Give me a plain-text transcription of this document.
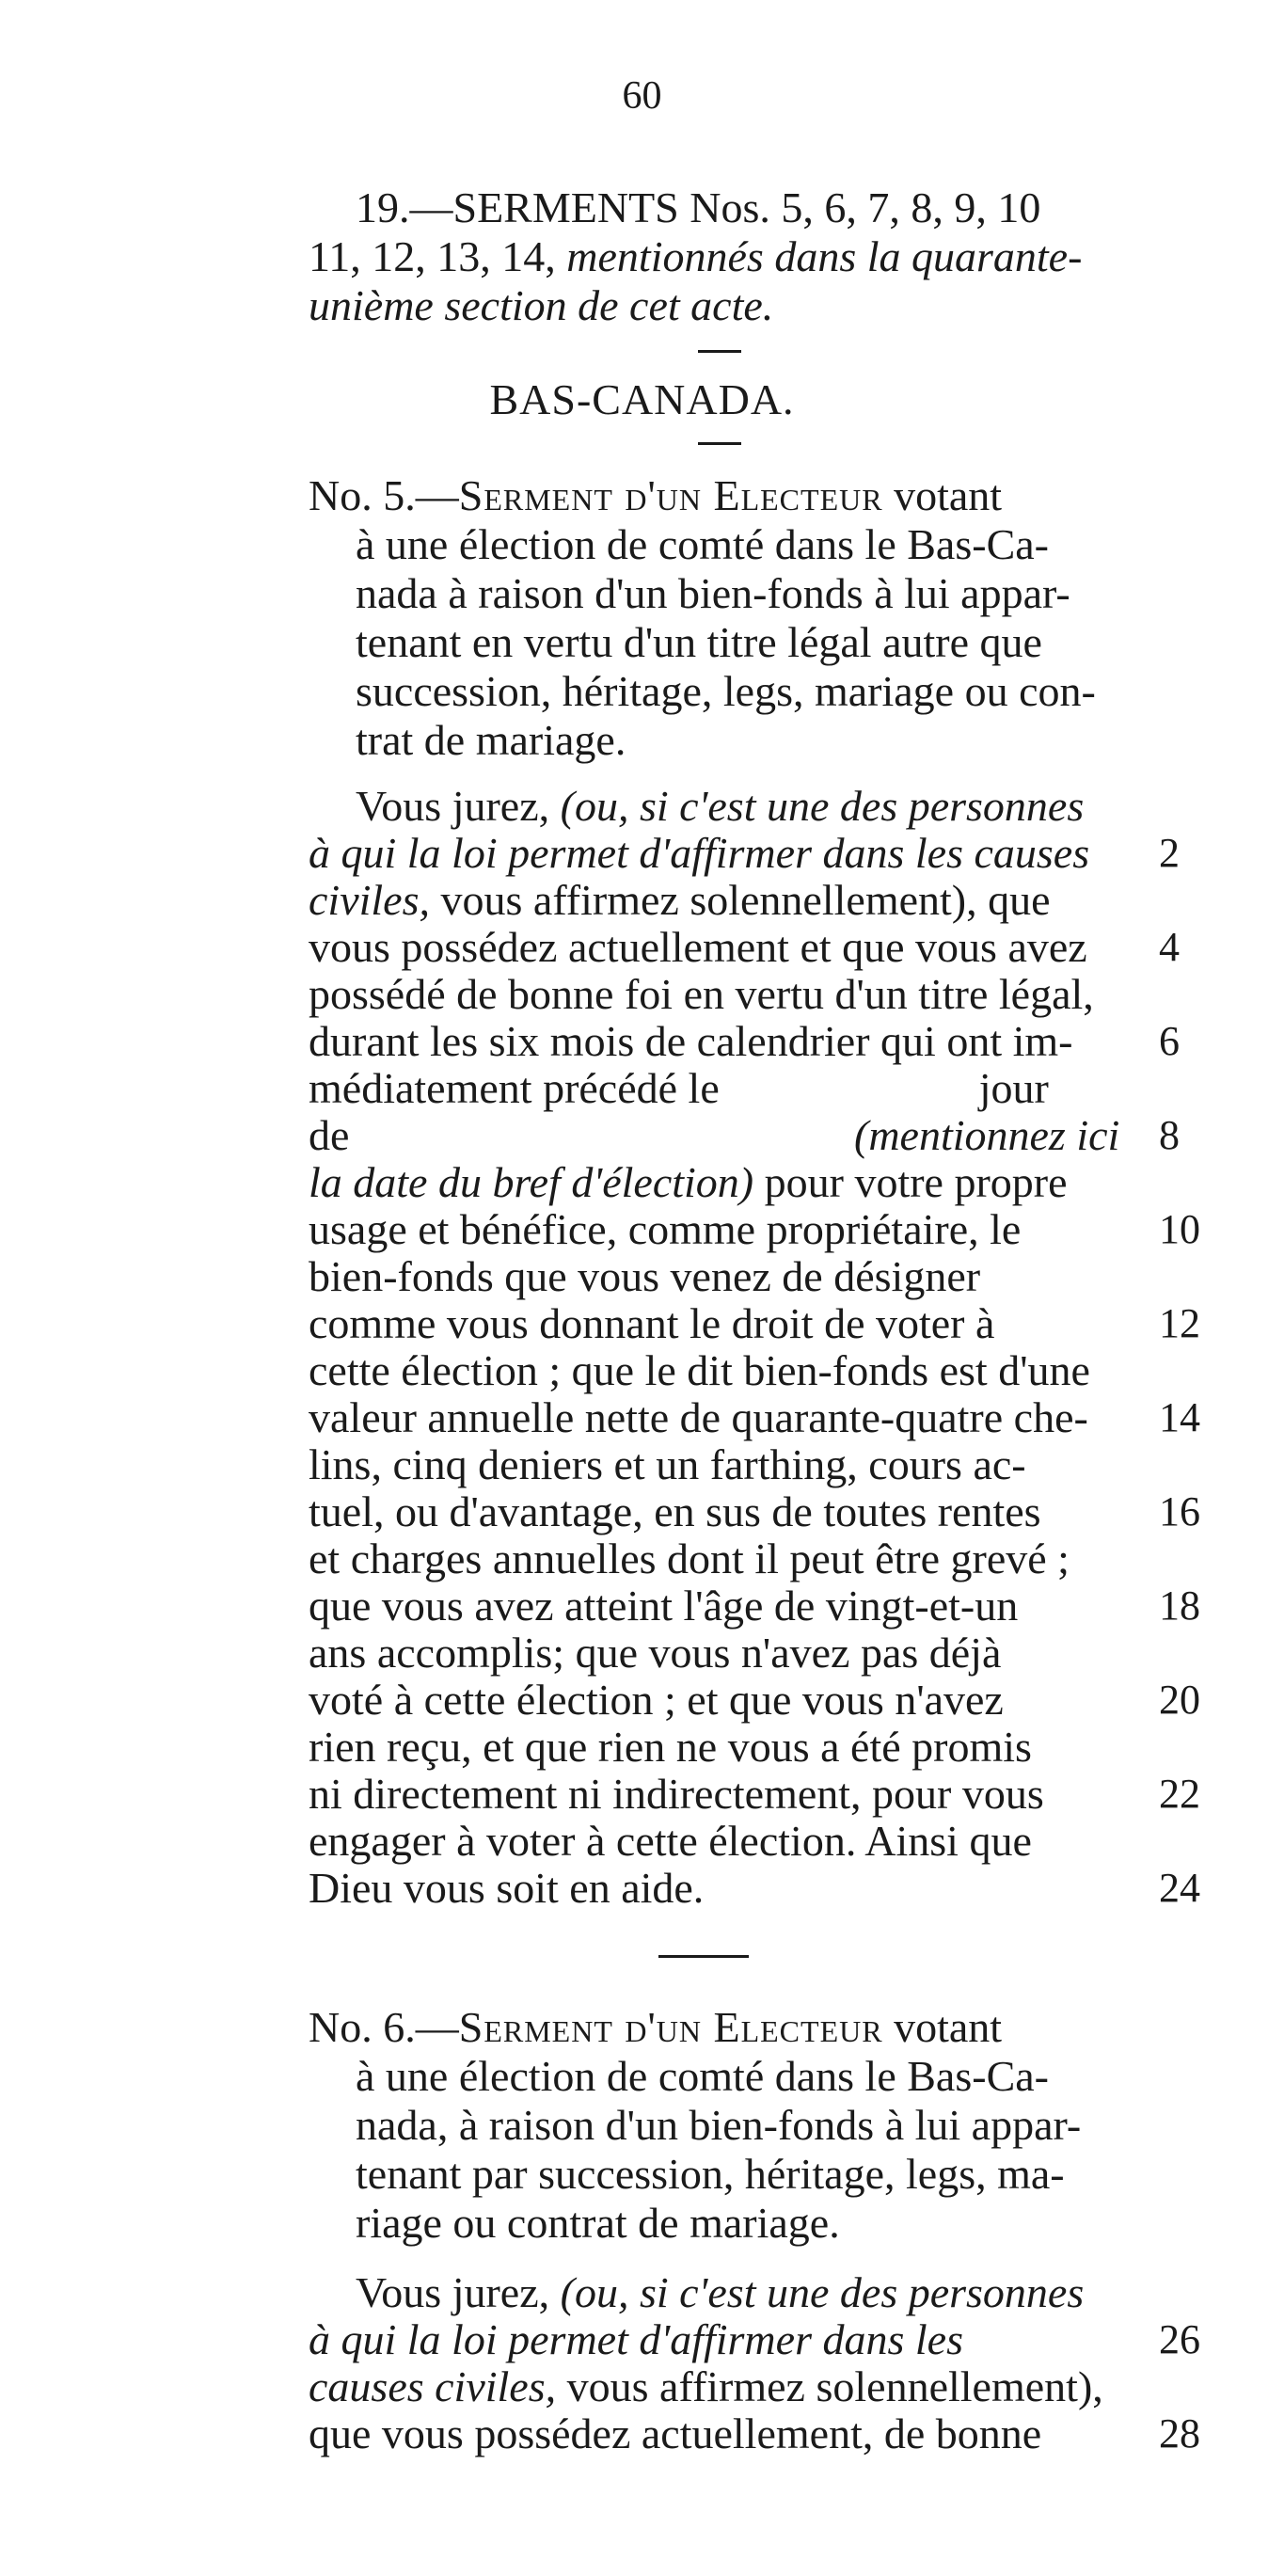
60
19.—SERMENTS Nos. 5, 6, 7, 8, 9, 10
11, 12, 13, 14, mentionnés dans la quarante-
unième section de cet acte.
BAS-CANADA.
No. 5.—Serment d'un Electeur votant
à une élection de comté dans le Bas-Ca-
nada à raison d'un bien-fonds à lui appar-
tenant en vertu d'un titre légal autre que
succession, héritage, legs, mariage ou con-
trat de mariage.
Vous jurez, (ou, si c'est une des personnes
à qui la loi permet d'affirmer dans les causes
civiles, vous affirmez solennellement), que
vous possédez actuellement et que vous avez
possédé de bonne foi en vertu d'un titre légal,
durant les six mois de calendrier qui ont im-
médiatement précédé le                        jour
de	(mentionnez ici
la date du bref d'élection) pour votre propre
usage et bénéfice, comme propriétaire, le
bien-fonds que vous venez de désigner
comme vous donnant le droit de voter à
cette élection ; que le dit bien-fonds est d'une
valeur annuelle nette de quarante-quatre che-
lins, cinq deniers et un farthing, cours ac-
tuel, ou d'avantage, en sus de toutes rentes
et charges annuelles dont il peut être grevé ;
que vous avez atteint l'âge de vingt-et-un
ans accomplis; que vous n'avez pas déjà
voté à cette élection ; et que vous n'avez
rien reçu, et que rien ne vous a été promis
ni directement ni indirectement, pour vous
engager à voter à cette élection. Ainsi que
Dieu vous soit en aide.
No. 6.—Serment d'un Electeur votant
à une élection de comté dans le Bas-Ca-
nada, à raison d'un bien-fonds à lui appar-
tenant par succession, héritage, legs, ma-
riage ou contrat de mariage.
Vous jurez, (ou, si c'est une des personnes
à qui la loi permet d'affirmer dans les
causes civiles, vous affirmez solennellement),
que vous possédez actuellement, de bonne
2
4
6
8
10
12
14
16
18
20
22
24
26
28
